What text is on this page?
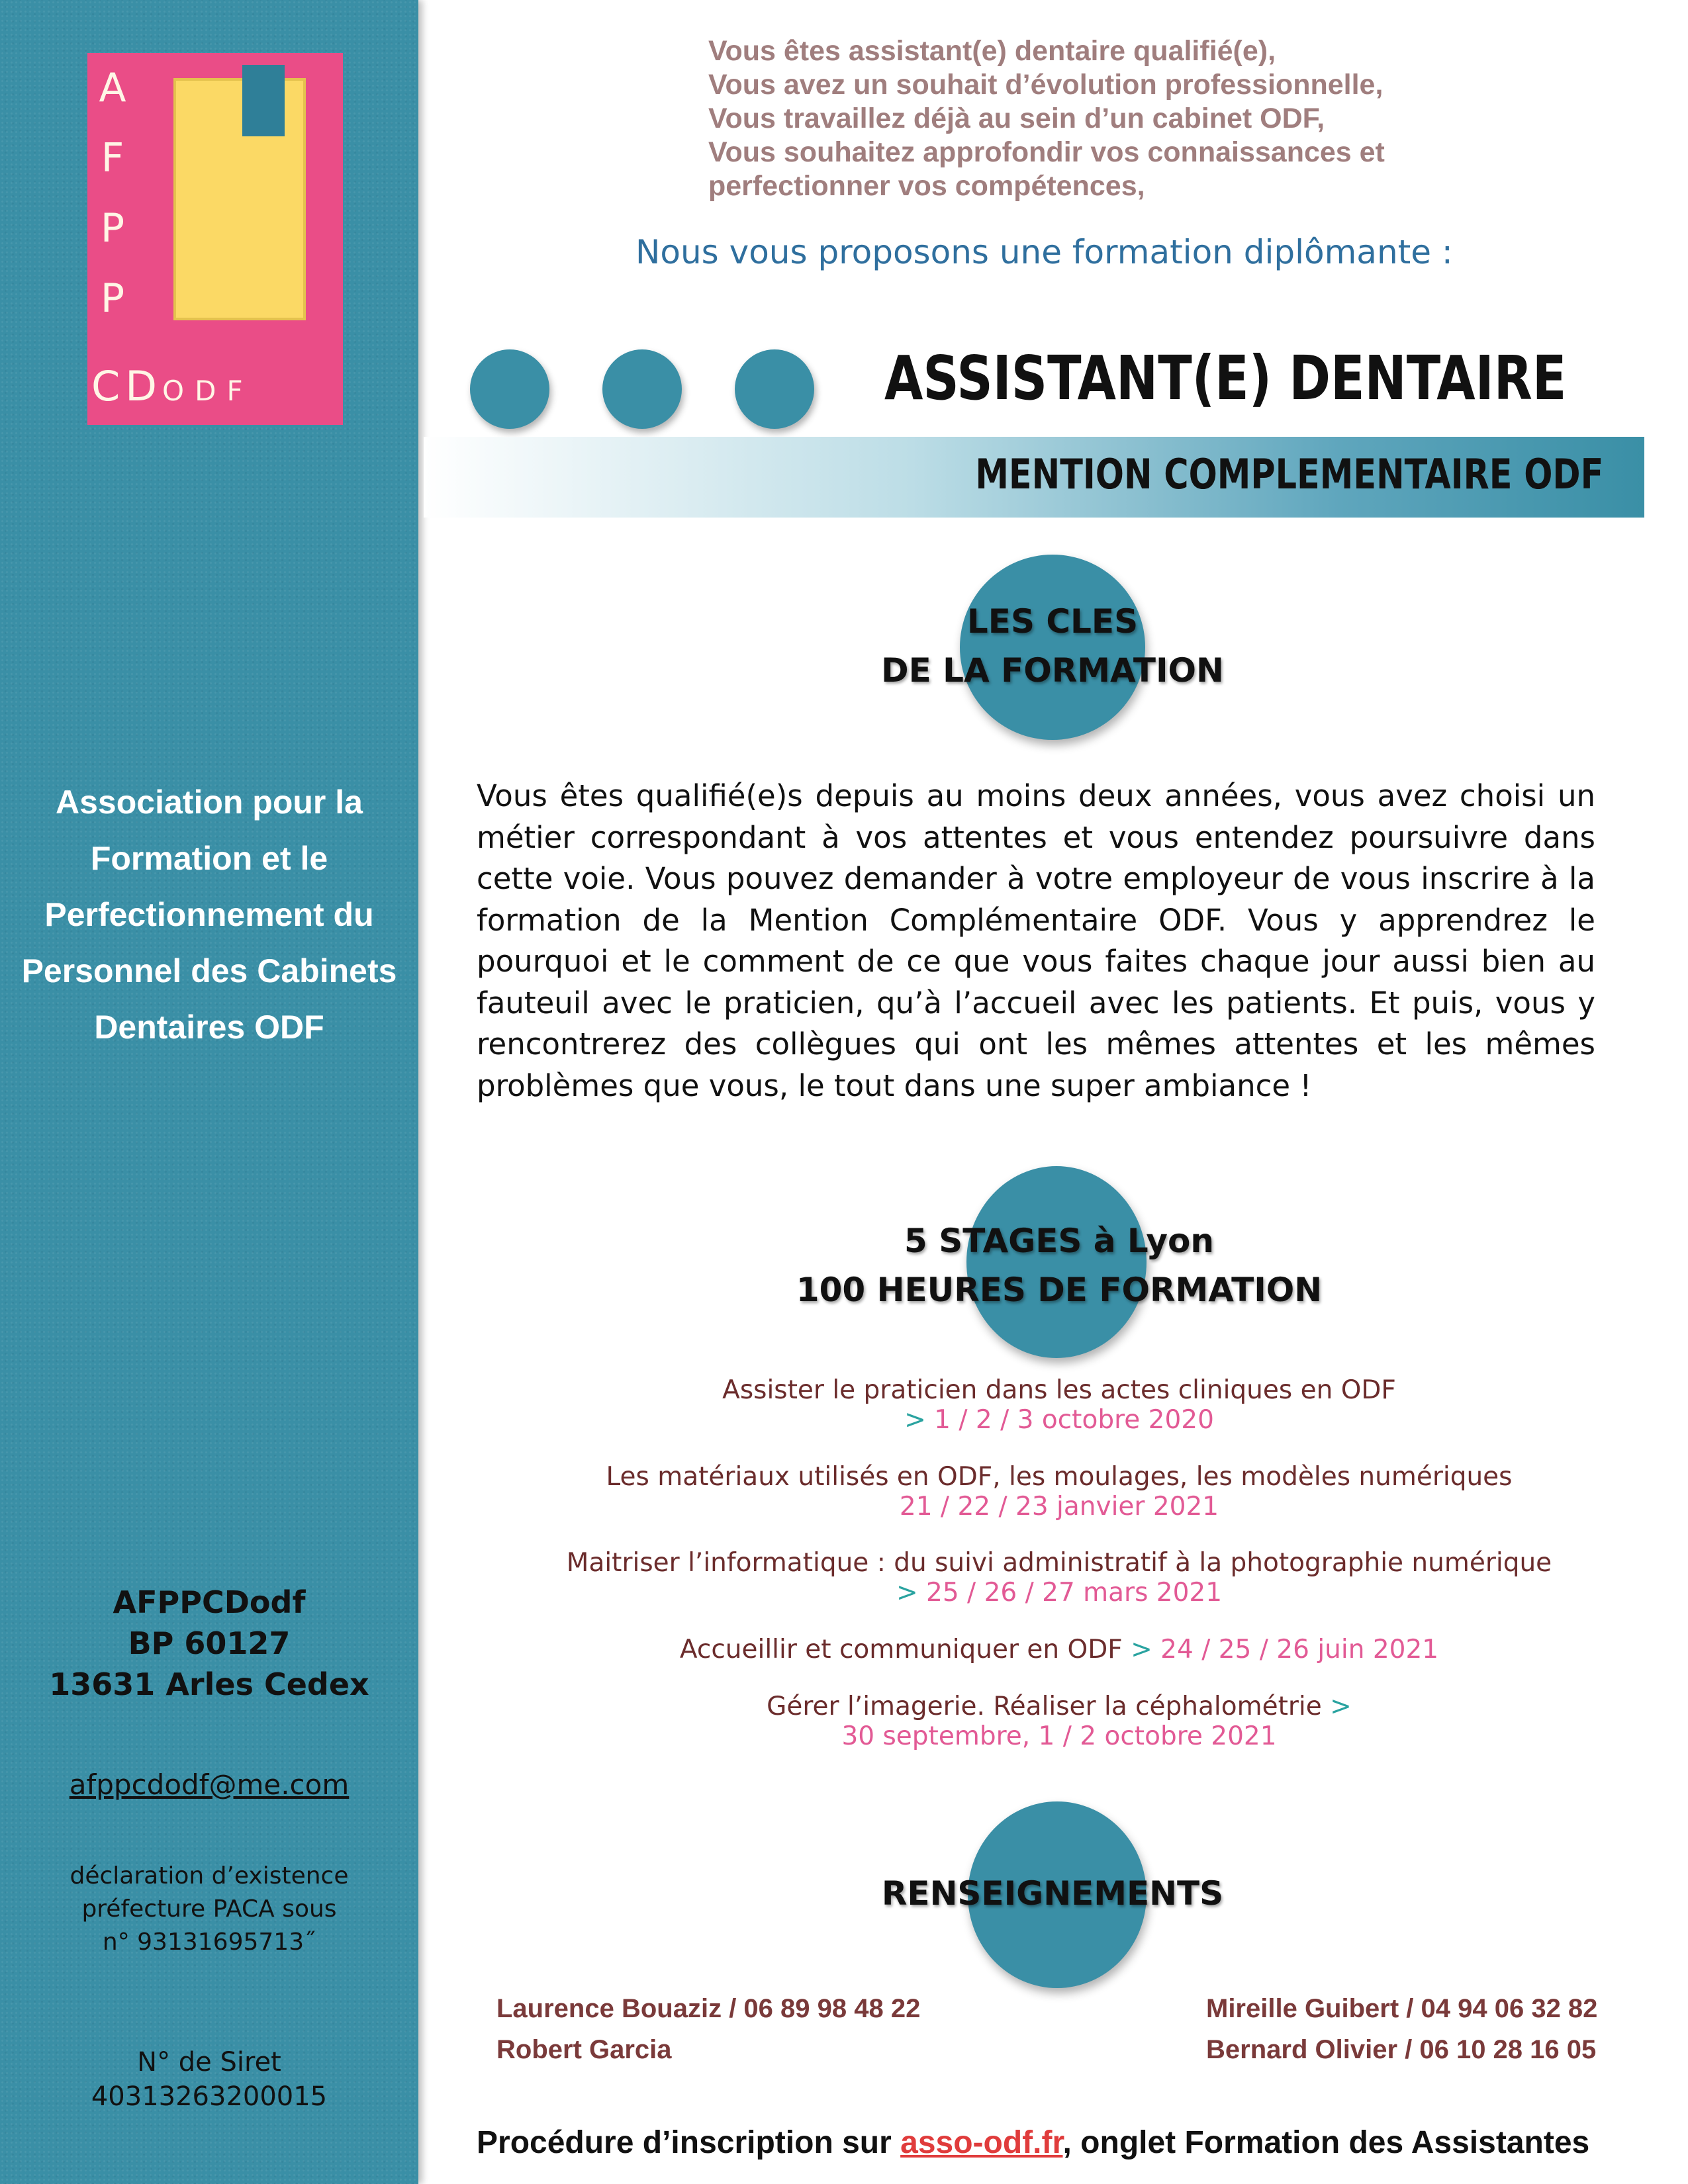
A
F
P
P
CDODF
Association pour la
Formation et le
Perfectionnement du
Personnel des Cabinets
Dentaires ODF
AFPPCDodf
BP 60127
13631 Arles Cedex
afppcdodf@me.com
déclaration d’existence
préfecture PACA sous
n° 93131695713˝
N° de Siret
40313263200015
Vous êtes assistant(e) dentaire qualifié(e),
Vous avez un souhait d’évolution professionnelle,
Vous travaillez déjà au sein d’un cabinet ODF,
Vous souhaitez approfondir vos connaissances et
perfectionner vos compétences,
Nous vous proposons une formation diplômante :
ASSISTANT(E) DENTAIRE
MENTION COMPLEMENTAIRE ODF
LES CLES
DE LA FORMATION
Vous êtes qualifié(e)s depuis au moins deux années, vous avez choisi un métier correspondant à vos attentes et vous entendez poursuivre dans cette voie. Vous pouvez demander à votre employeur de vous inscrire à la formation de la Mention Complémentaire ODF. Vous y apprendrez le pourquoi et le comment de ce que vous faites chaque jour aussi bien au fauteuil avec le praticien, qu’à l’accueil avec les patients. Et puis, vous y rencontrerez des collègues qui ont les mêmes attentes et les mêmes problèmes que vous, le tout dans une super ambiance !
5 STAGES à Lyon
100 HEURES DE FORMATION
Assister le praticien dans les actes cliniques en ODF
> 1 / 2 / 3 octobre 2020
Les matériaux utilisés en ODF, les moulages, les modèles numériques
21 / 22 / 23 janvier 2021
Maitriser l’informatique : du suivi administratif à la photographie numérique
> 25 / 26 / 27 mars 2021
Accueillir et communiquer en ODF > 24 / 25 / 26 juin 2021
Gérer l’imagerie. Réaliser la céphalométrie >
30 septembre, 1 / 2 octobre 2021
RENSEIGNEMENTS
Laurence Bouaziz / 06 89 98 48 22
Robert Garcia
Mireille Guibert / 04 94 06 32 82
Bernard Olivier / 06 10 28 16 05
Procédure d’inscription sur asso-odf.fr, onglet Formation des Assistantes
